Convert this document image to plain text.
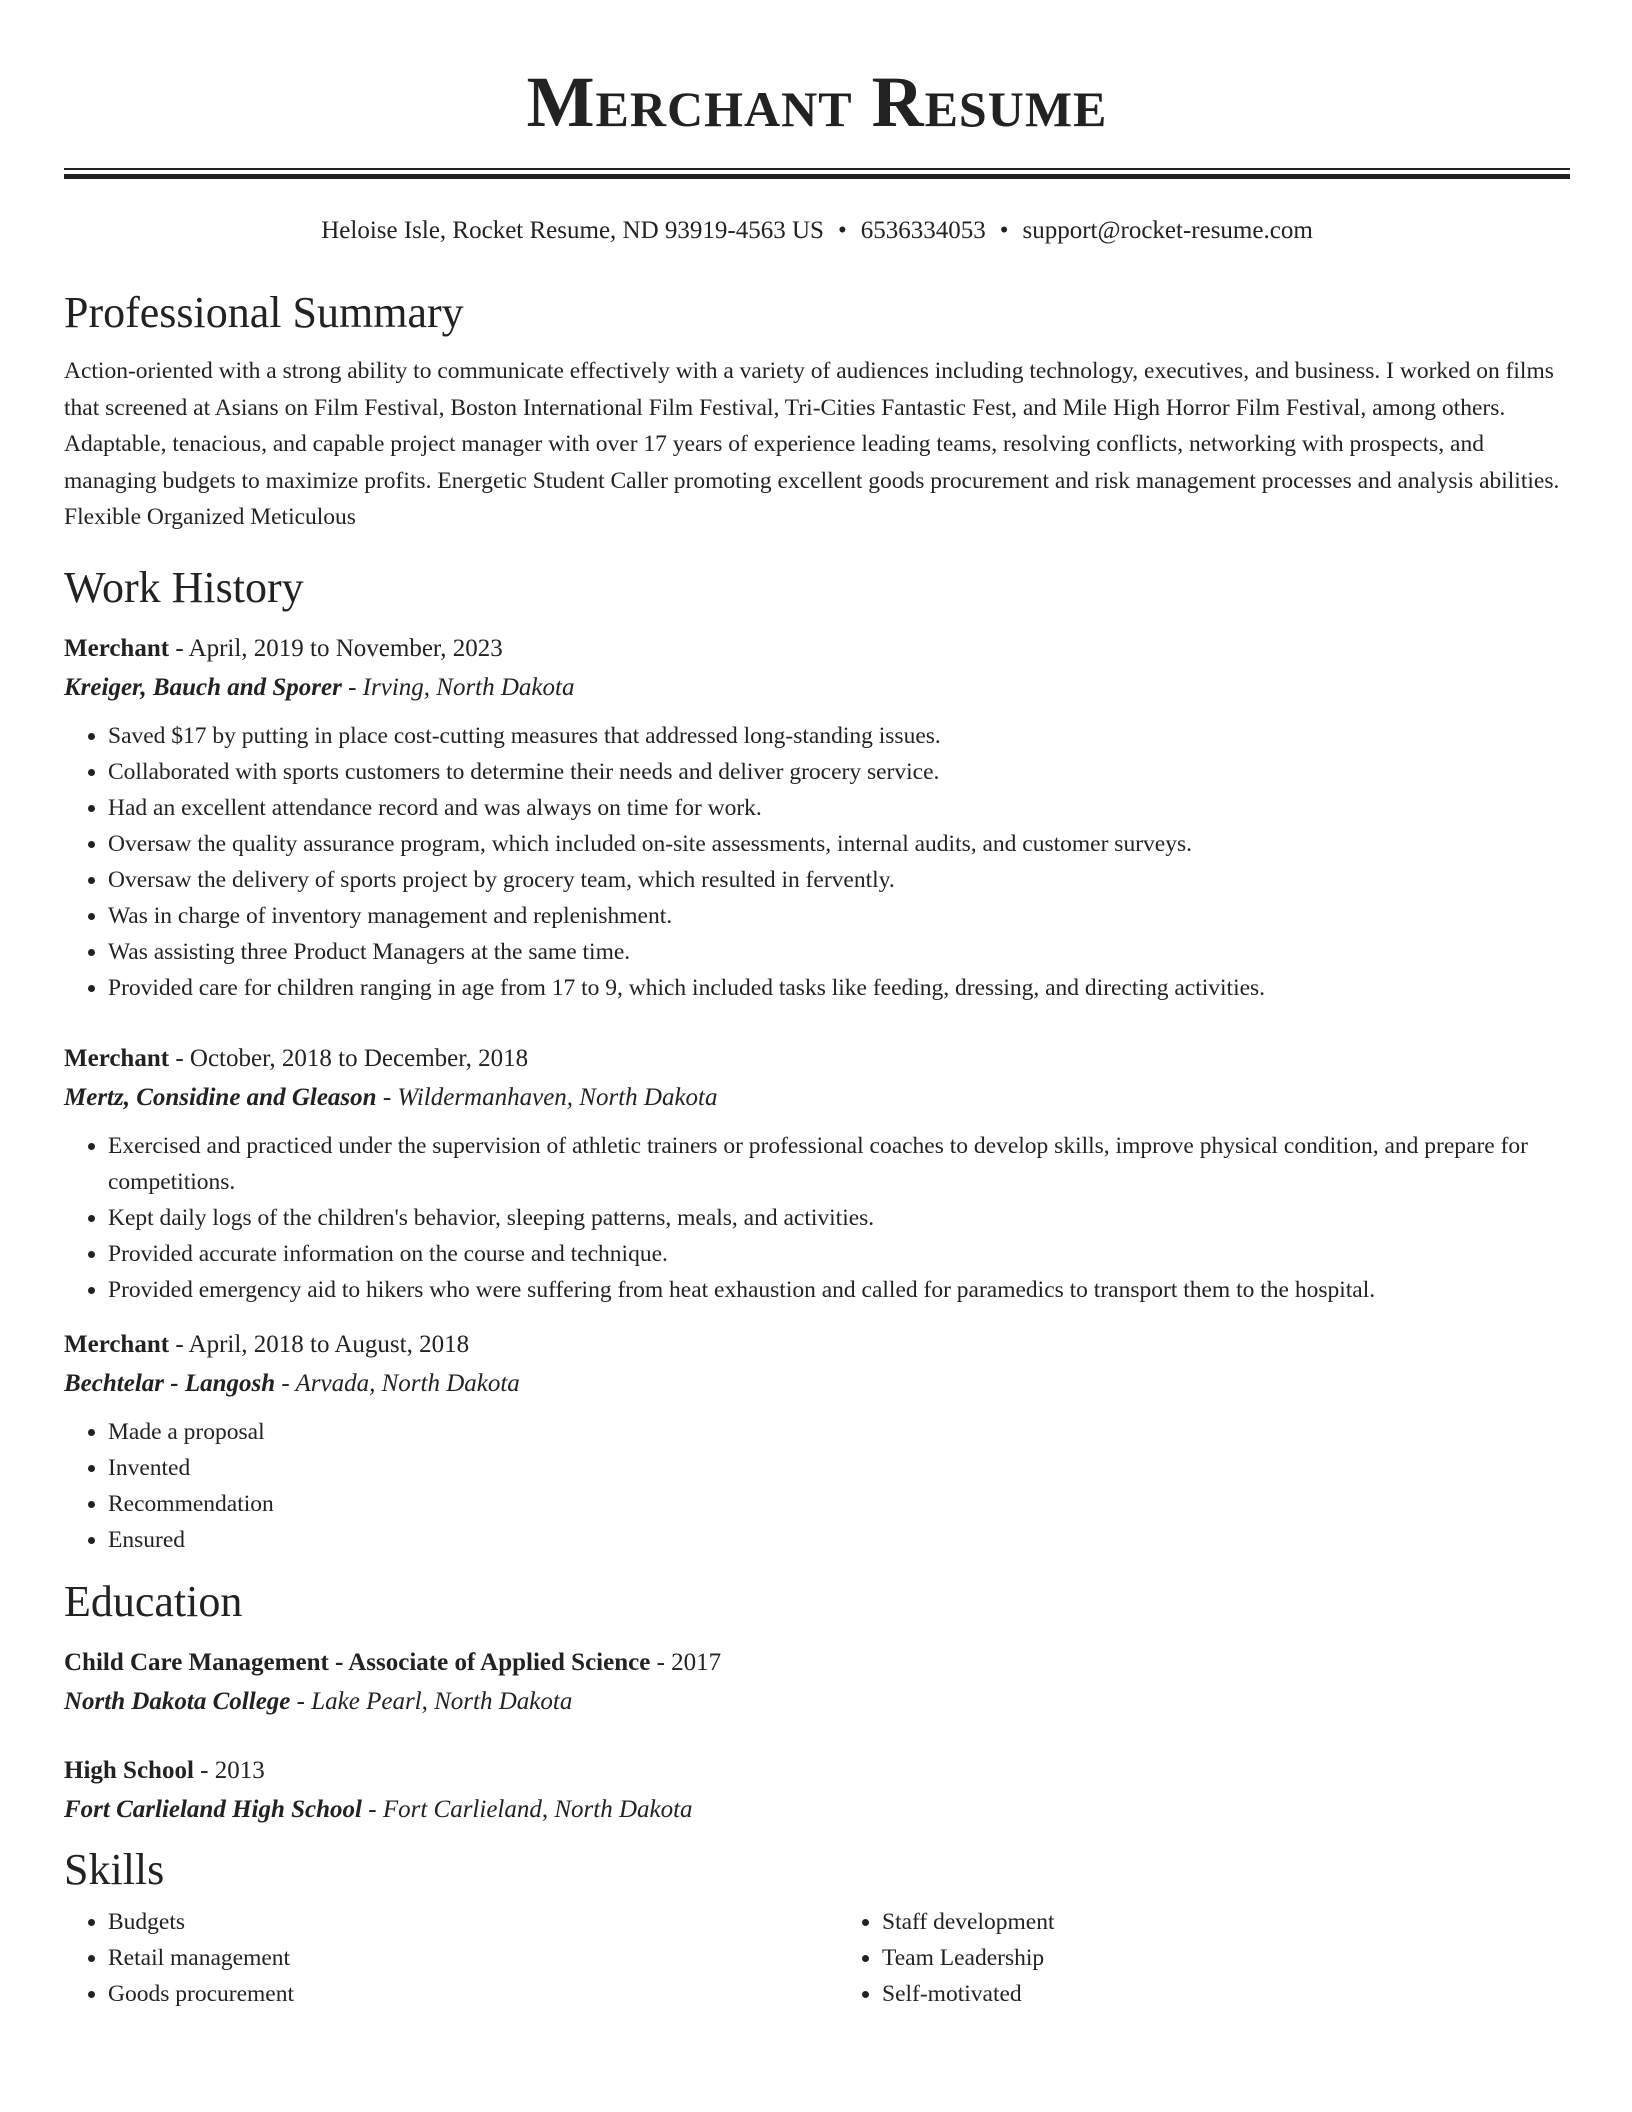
Merchant Resume
Heloise Isle, Rocket Resume, ND 93919-4563 US • 6536334053 • support@rocket-resume.com
Professional Summary

Action-oriented with a strong ability to communicate effectively with a variety of audiences including technology, executives, and business. I worked on films that screened at Asians on Film Festival, Boston International Film Festival, Tri-Cities Fantastic Fest, and Mile High Horror Film Festival, among others. Adaptable, tenacious, and capable project manager with over 17 years of experience leading teams, resolving conflicts, networking with prospects, and managing budgets to maximize profits. Energetic Student Caller promoting excellent goods procurement and risk management processes and analysis abilities. Flexible Organized Meticulous

Work History
Merchant - April, 2019 to November, 2023
Kreiger, Bauch and Sporer - Irving, North Dakota
• Saved $17 by putting in place cost-cutting measures that addressed long-standing issues.
• Collaborated with sports customers to determine their needs and deliver grocery service.
• Had an excellent attendance record and was always on time for work.
• Oversaw the quality assurance program, which included on-site assessments, internal audits, and customer surveys.
• Oversaw the delivery of sports project by grocery team, which resulted in fervently.
• Was in charge of inventory management and replenishment.
• Was assisting three Product Managers at the same time.
• Provided care for children ranging in age from 17 to 9, which included tasks like feeding, dressing, and directing activities.
Merchant - October, 2018 to December, 2018
Mertz, Considine and Gleason - Wildermanhaven, North Dakota
• Exercised and practiced under the supervision of athletic trainers or professional coaches to develop skills, improve physical condition, and prepare for competitions.
• Kept daily logs of the children's behavior, sleeping patterns, meals, and activities.
• Provided accurate information on the course and technique.
• Provided emergency aid to hikers who were suffering from heat exhaustion and called for paramedics to transport them to the hospital.
Merchant - April, 2018 to August, 2018
Bechtelar - Langosh - Arvada, North Dakota
• Made a proposal
• Invented
• Recommendation
• Ensured
Education
Child Care Management - Associate of Applied Science - 2017
North Dakota College - Lake Pearl, North Dakota
High School - 2013
Fort Carlieland High School - Fort Carlieland, North Dakota
Skills
• Budgets
• Retail management
• Goods procurement
• Staff development
• Team Leadership
• Self-motivated
